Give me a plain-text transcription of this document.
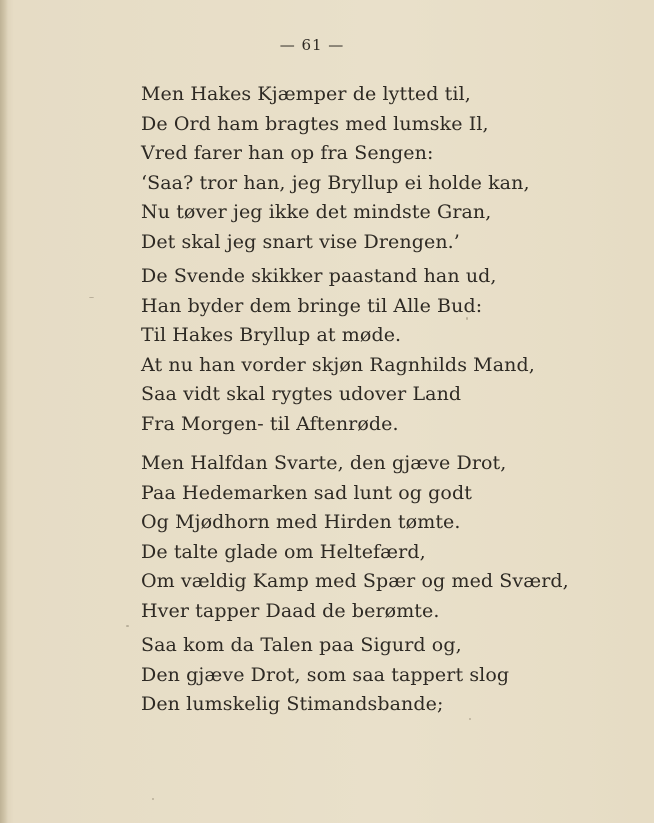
— 61 —
Men Hakes Kjæmper de lytted til,
De Ord ham bragtes med lumske Il,
Vred farer han op fra Sengen:
‘Saa? tror han, jeg Bryllup ei holde kan,
Nu tøver jeg ikke det mindste Gran,
Det skal jeg snart vise Drengen.’
De Svende skikker paastand han ud,
Han byder dem bringe til Alle Bud:
Til Hakes Bryllup at møde.
At nu han vorder skjøn Ragnhilds Mand,
Saa vidt skal rygtes udover Land
Fra Morgen- til Aftenrøde.
Men Halfdan Svarte, den gjæve Drot,
Paa Hedemarken sad lunt og godt
Og Mjødhorn med Hirden tømte.
De talte glade om Heltefærd,
Om vældig Kamp med Spær og med Sværd,
Hver tapper Daad de berømte.
Saa kom da Talen paa Sigurd og,
Den gjæve Drot, som saa tappert slog
Den lumskelig Stimandsbande;
